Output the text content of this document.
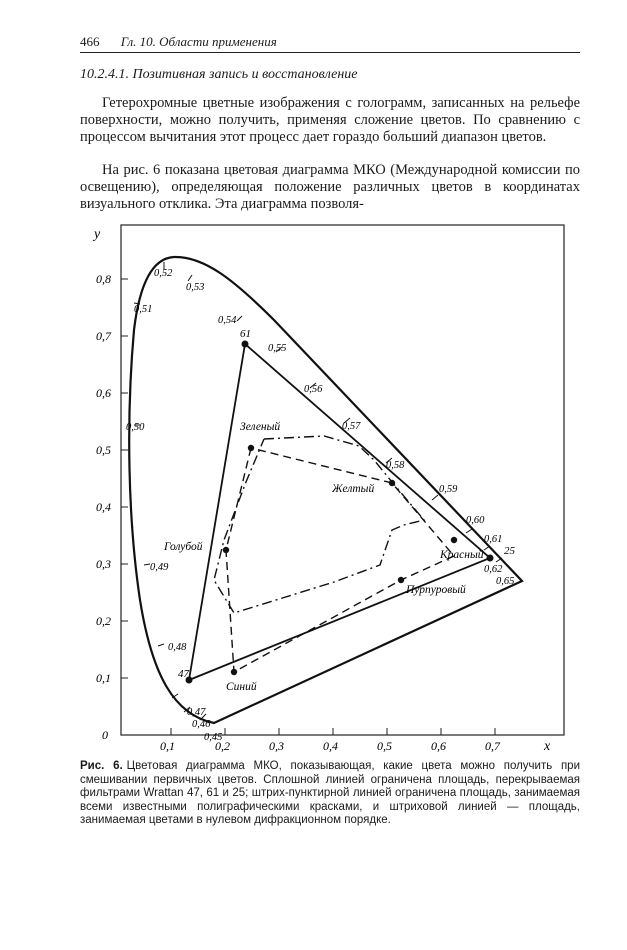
466 Гл. 10. Области применения
10.2.4.1. Позитивная запись и восстановление

Гетерохромные цветные изображения с голограмм, записанных на рельефе поверхности, можно получить, применяя сложение цветов. По сравнению с процессом вычитания этот процесс дает гораздо больший диапазон цветов.

На рис. 6 показана цветовая диаграмма МКО (Международной комиссии по освещению), определяющая положение различных цветов в координатах визуального отклика. Эта диаграмма позволя-

y
x
0
0,1	0,2	0,3	0,4	0,5	0,6	0,7
0,1
0,2
0,3
0,4
0,5
0,6
0,7
0,8
0,45
0,46
0,47
0,48
0,49
0,50
0,51
0,52
0,53
0,54
0,55
0,56
0,57
0,58
0,59
0,60
0,61
0,62
0,65
47
61
25
Зеленый
Голубой
Желтый
Красный
Пурпуровый
Синий
Рис. 6. Цветовая диаграмма МКО, показывающая, какие цвета можно получить при смешивании первичных цветов. Сплошной линией ограничена площадь, перекрываемая фильтрами Wrattan 47, 61 и 25; штрих-пунктирной линией ограничена площадь, занимаемая всеми известными полиграфическими красками, и штриховой линией — площадь, занимаемая цветами в нулевом дифракционном порядке.
